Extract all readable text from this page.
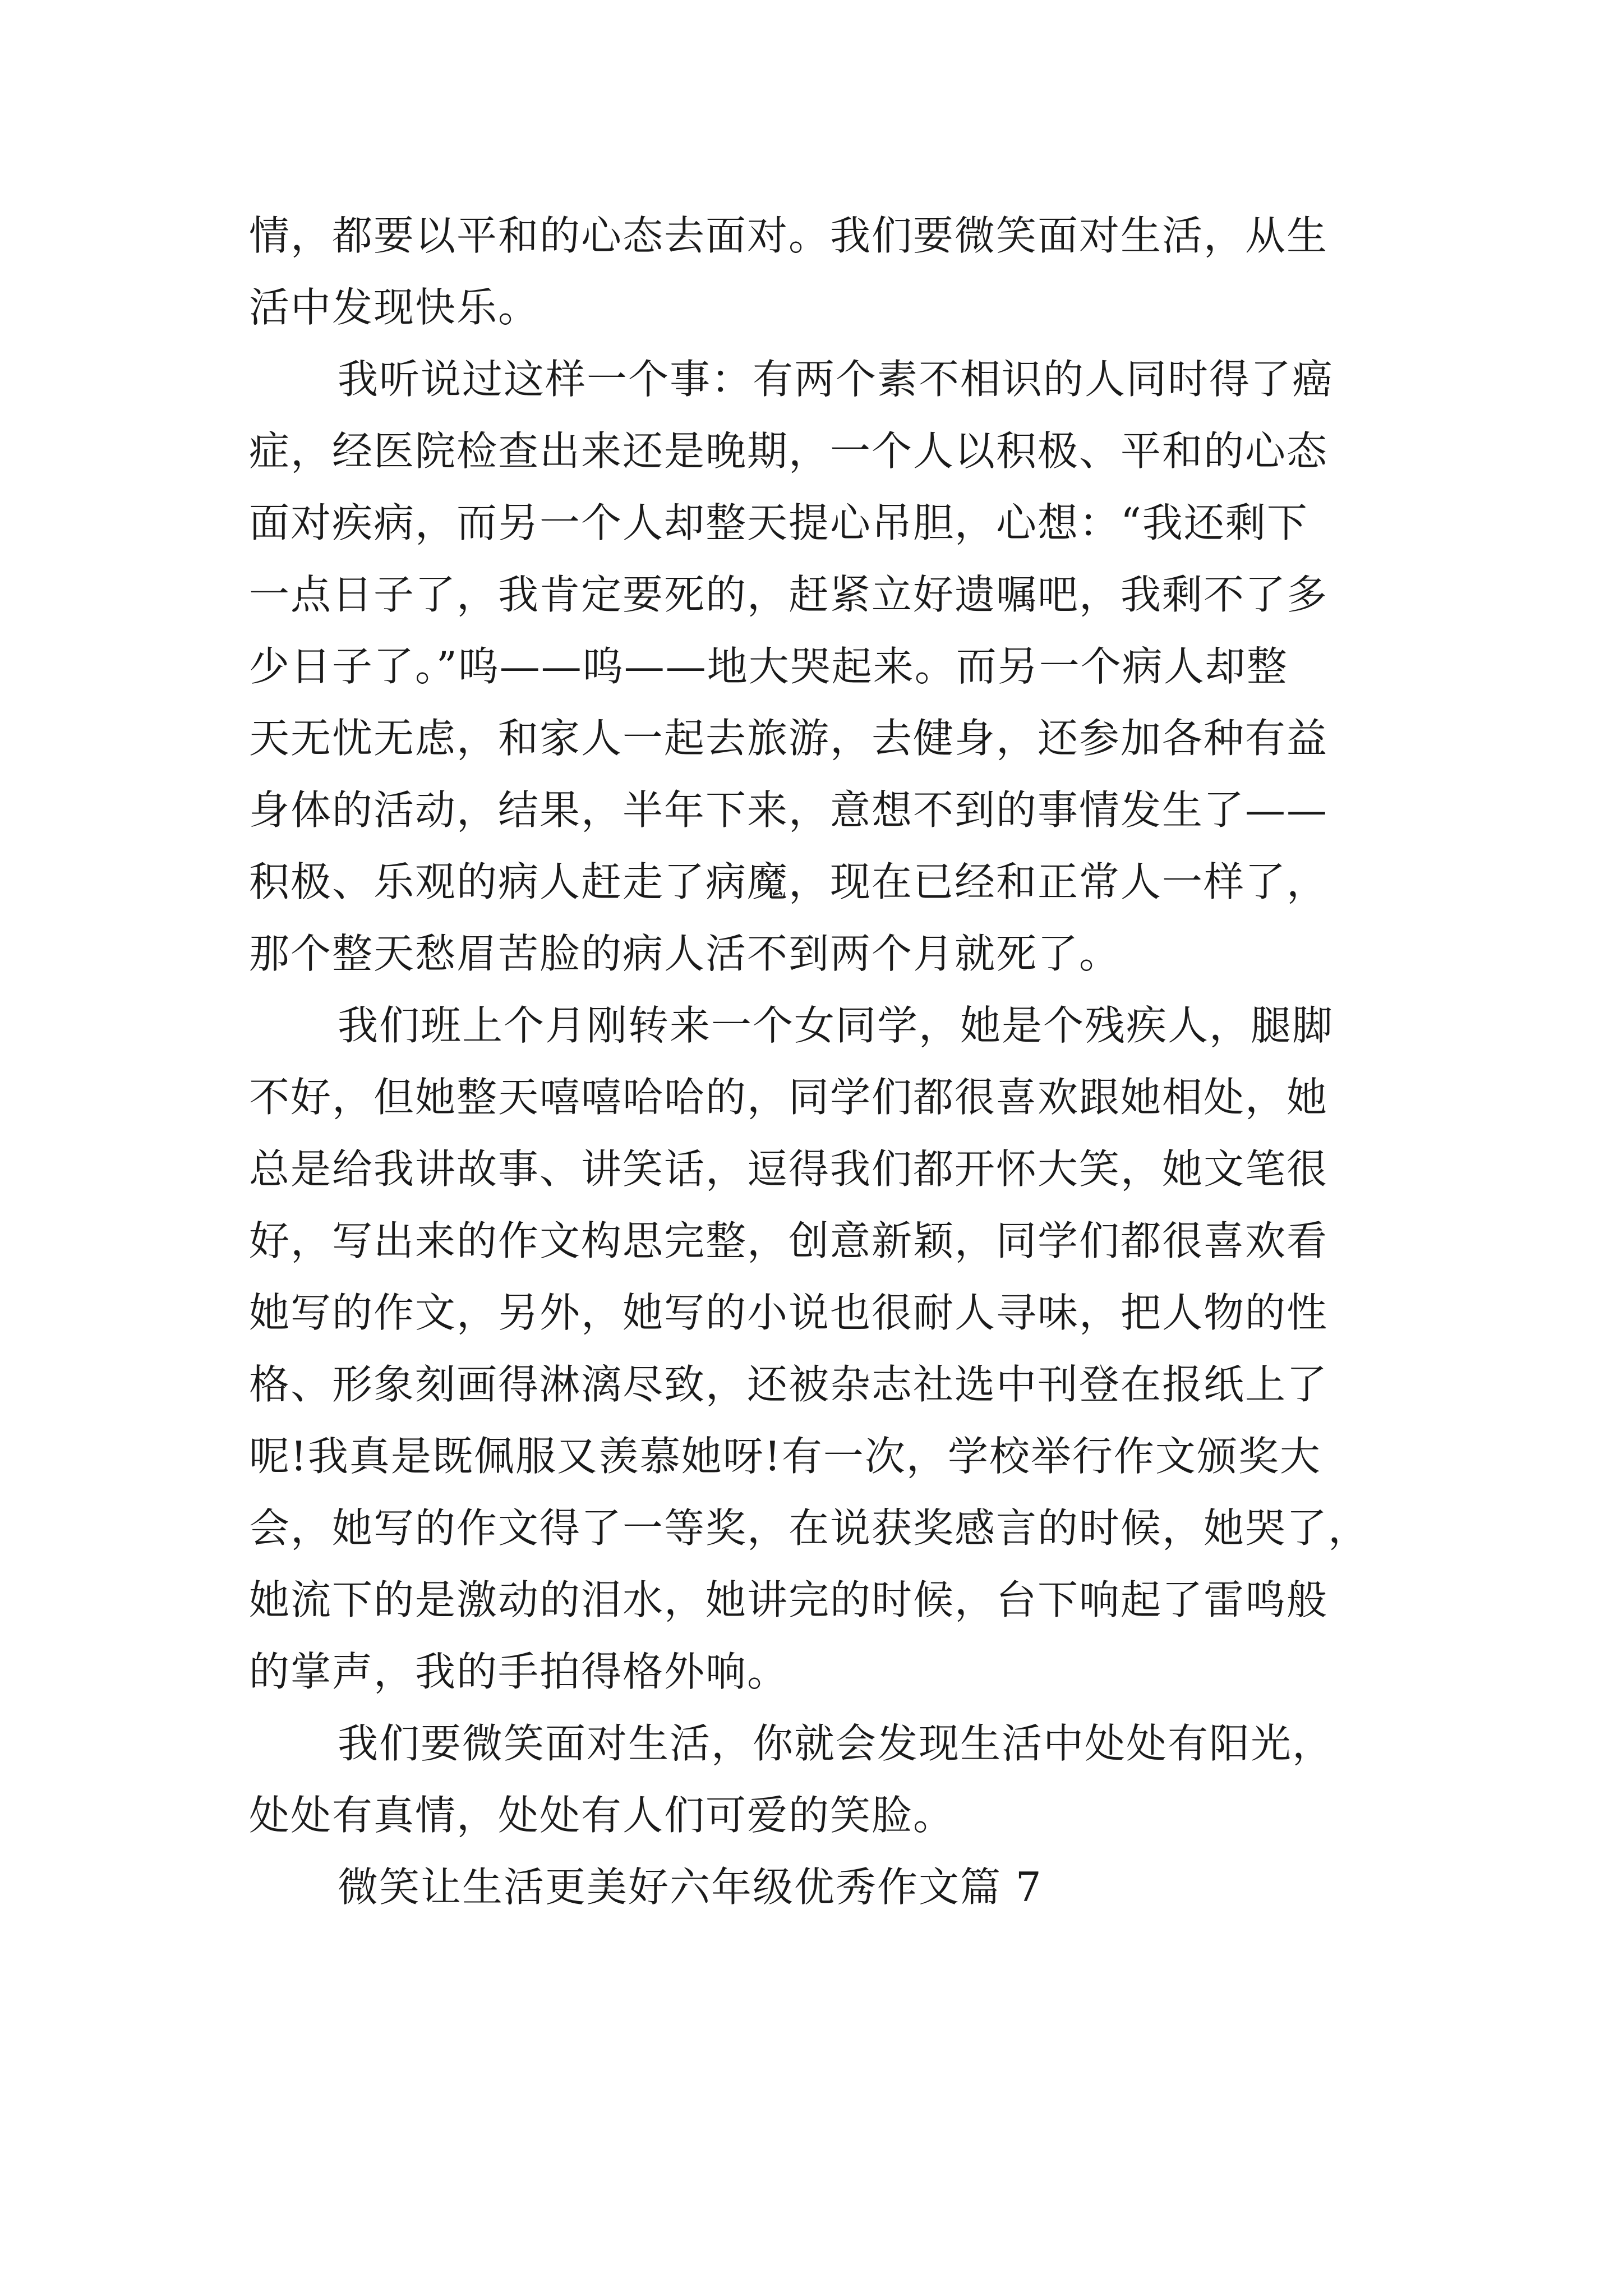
情，都要以平和的心态去面对。我们要微笑面对生活，从生
活中发现快乐。
我听说过这样一个事：有两个素不相识的人同时得了癌
症，经医院检查出来还是晚期，一个人以积极、平和的心态
面对疾病，而另一个人却整天提心吊胆，心想：“我还剩下
一点日子了，我肯定要死的，赶紧立好遗嘱吧，我剩不了多
少日子了。”呜——呜——地大哭起来。而另一个病人却整
天无忧无虑，和家人一起去旅游，去健身，还参加各种有益
身体的活动，结果，半年下来，意想不到的事情发生了——
积极、乐观的病人赶走了病魔，现在已经和正常人一样了，
那个整天愁眉苦脸的病人活不到两个月就死了。
我们班上个月刚转来一个女同学，她是个残疾人，腿脚
不好，但她整天嘻嘻哈哈的，同学们都很喜欢跟她相处，她
总是给我讲故事、讲笑话，逗得我们都开怀大笑，她文笔很
好，写出来的作文构思完整，创意新颖，同学们都很喜欢看
她写的作文，另外，她写的小说也很耐人寻味，把人物的性
格、形象刻画得淋漓尽致，还被杂志社选中刊登在报纸上了
呢!我真是既佩服又羡慕她呀!有一次，学校举行作文颁奖大
会，她写的作文得了一等奖，在说获奖感言的时候，她哭了，
她流下的是激动的泪水，她讲完的时候，台下响起了雷鸣般
的掌声，我的手拍得格外响。
我们要微笑面对生活，你就会发现生活中处处有阳光，
处处有真情，处处有人们可爱的笑脸。
微笑让生活更美好六年级优秀作文篇 7
